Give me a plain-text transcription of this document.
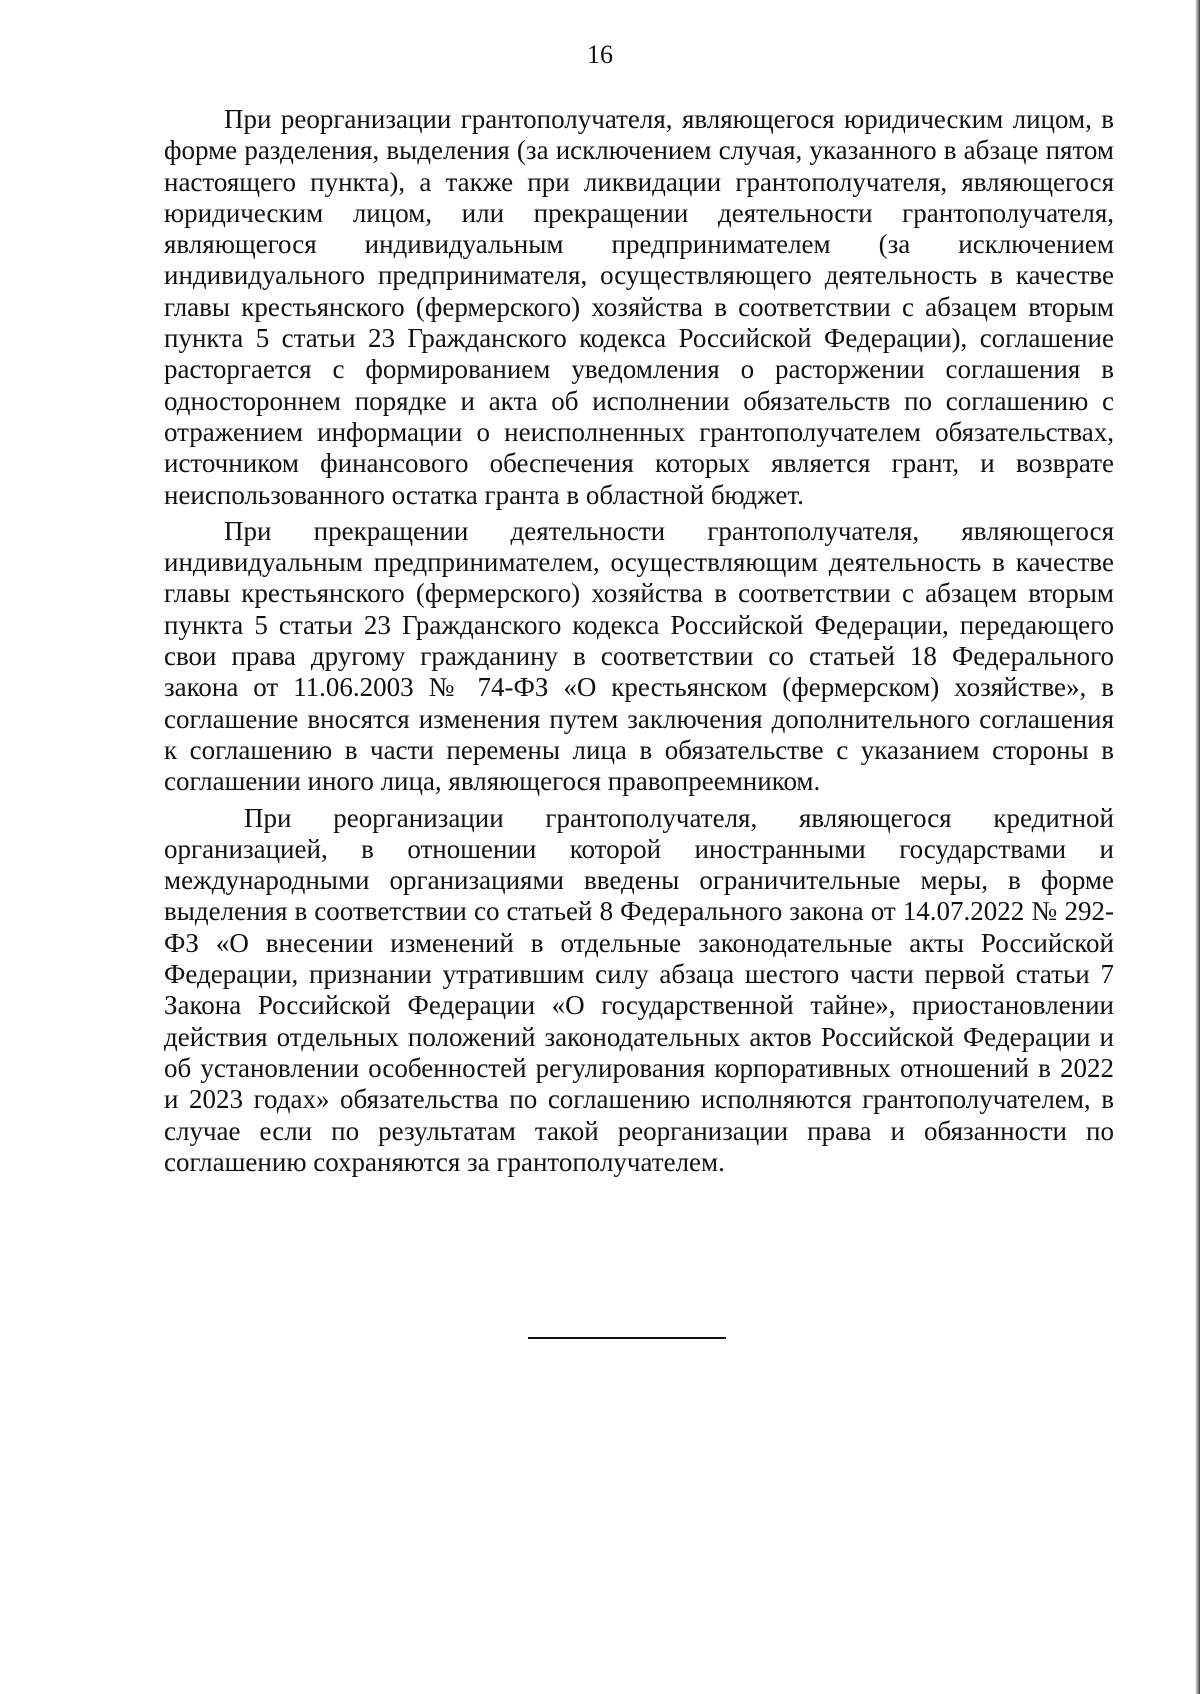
16

При реорганизации грантополучателя, являющегося юридическим лицом, в форме разделения, выделения (за исключением случая, указанного в абзаце пятом настоящего пункта), а также при ликвидации грантополучателя, являющегося юридическим лицом, или прекращении деятельности грантополучателя, являющегося индивидуальным предпринимателем (за исключением индивидуального предпринимателя, осуществляющего деятельность в качестве главы крестьянского (фермерского) хозяйства в соответствии с абзацем вторым пункта 5 статьи 23 Гражданского кодекса Российской Федерации), соглашение расторгается с формированием уведомления о расторжении соглашения в одностороннем порядке и акта об исполнении обязательств по соглашению с отражением информации о неисполненных грантополучателем обязательствах, источником финансового обеспечения которых является грант, и возврате неиспользованного остатка гранта в областной бюджет.

При прекращении деятельности грантополучателя, являющегося индивидуальным предпринимателем, осуществляющим деятельность в качестве главы крестьянского (фермерского) хозяйства в соответствии с абзацем вторым пункта 5 статьи 23 Гражданского кодекса Российской Федерации, передающего свои права другому гражданину в соответствии со статьей 18 Федерального закона от 11.06.2003 № 74-ФЗ «О крестьянском (фермерском) хозяйстве», в соглашение вносятся изменения путем заключения дополнительного соглашения к соглашению в части перемены лица в обязательстве с указанием стороны в соглашении иного лица, являющегося правопреемником.

При реорганизации грантополучателя, являющегося кредитной организацией, в отношении которой иностранными государствами и международными организациями введены ограничительные меры, в форме выделения в соответствии со статьей 8 Федерального закона от 14.07.2022 № 292-ФЗ «О внесении изменений в отдельные законодательные акты Российской Федерации, признании утратившим силу абзаца шестого части первой статьи 7 Закона Российской Федерации «О государственной тайне», приостановлении действия отдельных положений законодательных актов Российской Федерации и об установлении особенностей регулирования корпоративных отношений в 2022 и 2023 годах» обязательства по соглашению исполняются грантополучателем, в случае если по результатам такой реорганизации права и обязанности по соглашению сохраняются за грантополучателем.
